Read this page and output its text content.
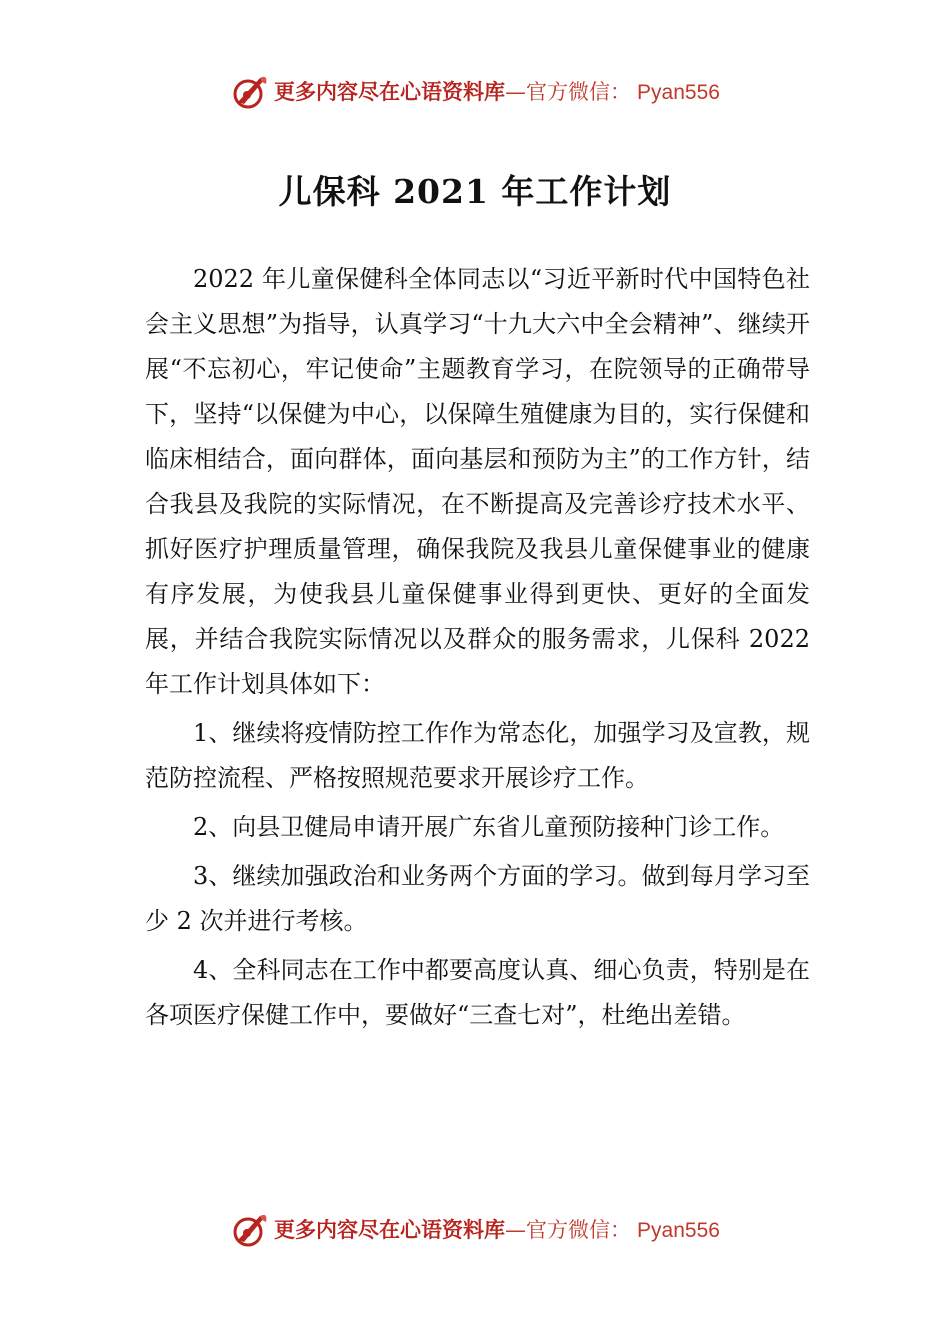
更多内容尽在心语资料库—官方微信： Pyan556
儿保科 2021 年工作计划

2022 年儿童保健科全体同志以“习近平新时代中国特色社会主义思想”为指导，认真学习“十九大六中全会精神”、继续开展“不忘初心，牢记使命”主题教育学习，在院领导的正确带导下，坚持“以保健为中心，以保障生殖健康为目的，实行保健和临床相结合，面向群体，面向基层和预防为主”的工作方针，结合我县及我院的实际情况，在不断提高及完善诊疗技术水平、抓好医疗护理质量管理，确保我院及我县儿童保健事业的健康有序发展，为使我县儿童保健事业得到更快、更好的全面发展，并结合我院实际情况以及群众的服务需求，儿保科 2022 年工作计划具体如下：

1、继续将疫情防控工作作为常态化，加强学习及宣教，规范防控流程、严格按照规范要求开展诊疗工作。

2、向县卫健局申请开展广东省儿童预防接种门诊工作。

3、继续加强政治和业务两个方面的学习。做到每月学习至少 2 次并进行考核。

4、全科同志在工作中都要高度认真、细心负责，特别是在各项医疗保健工作中，要做好“三查七对”，杜绝出差错。

更多内容尽在心语资料库—官方微信： Pyan556
